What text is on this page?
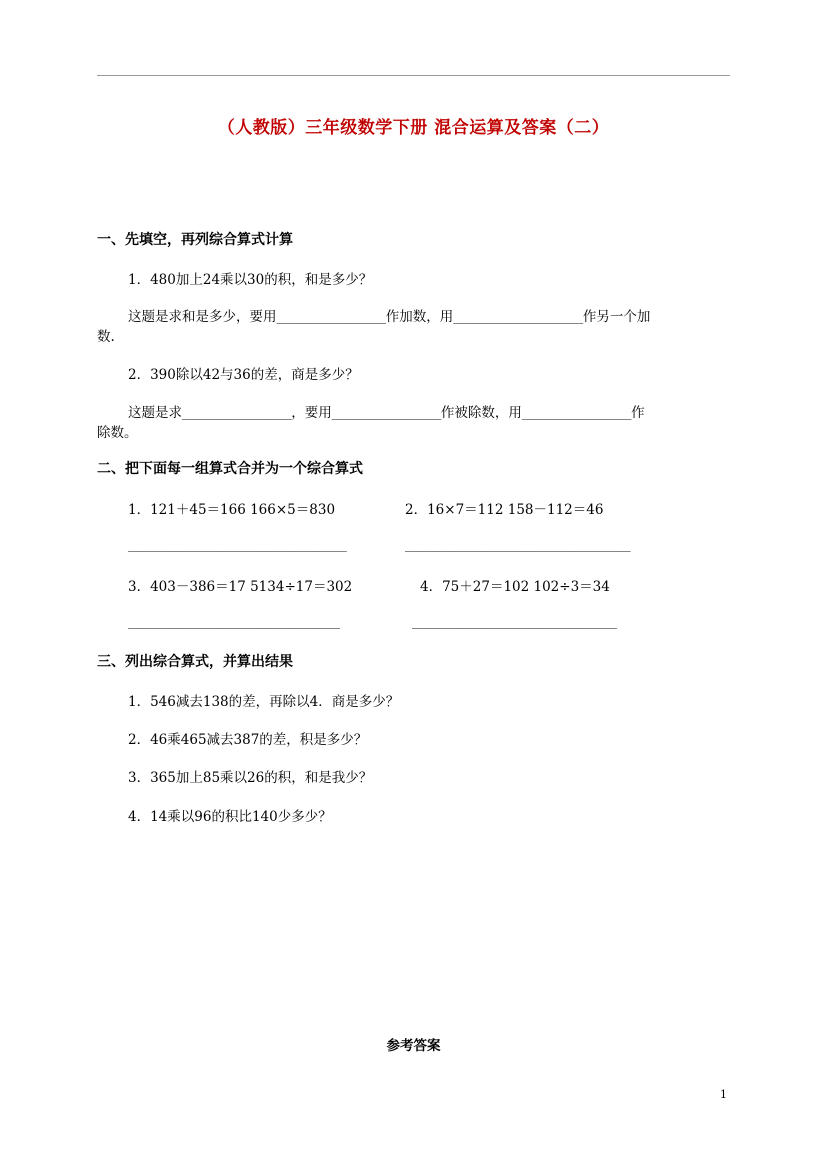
（人教版）三年级数学下册 混合运算及答案（二）
一、先填空，再列综合算式计算
1．480加上24乘以30的积，和是多少？
这题是求和是多少，要用________________作加数，用___________________作另一个加
数.
2．390除以42与36的差，商是多少？
这题是求________________，要用________________作被除数，用________________作
除数。
二、把下面每一组算式合并为一个综合算式
1．121＋45＝166 166×5＝830	2．16×7＝112 158－112＝46
________________________________	_________________________________
3．403－386＝17 5134÷17＝302	4．75＋27＝102 102÷3＝34
_______________________________	______________________________
三、列出综合算式，并算出结果
1．546减去138的差，再除以4．商是多少？
2．46乘465减去387的差，积是多少？
3．365加上85乘以26的积，和是我少？
4．14乘以96的积比140少多少？
参考答案
1
